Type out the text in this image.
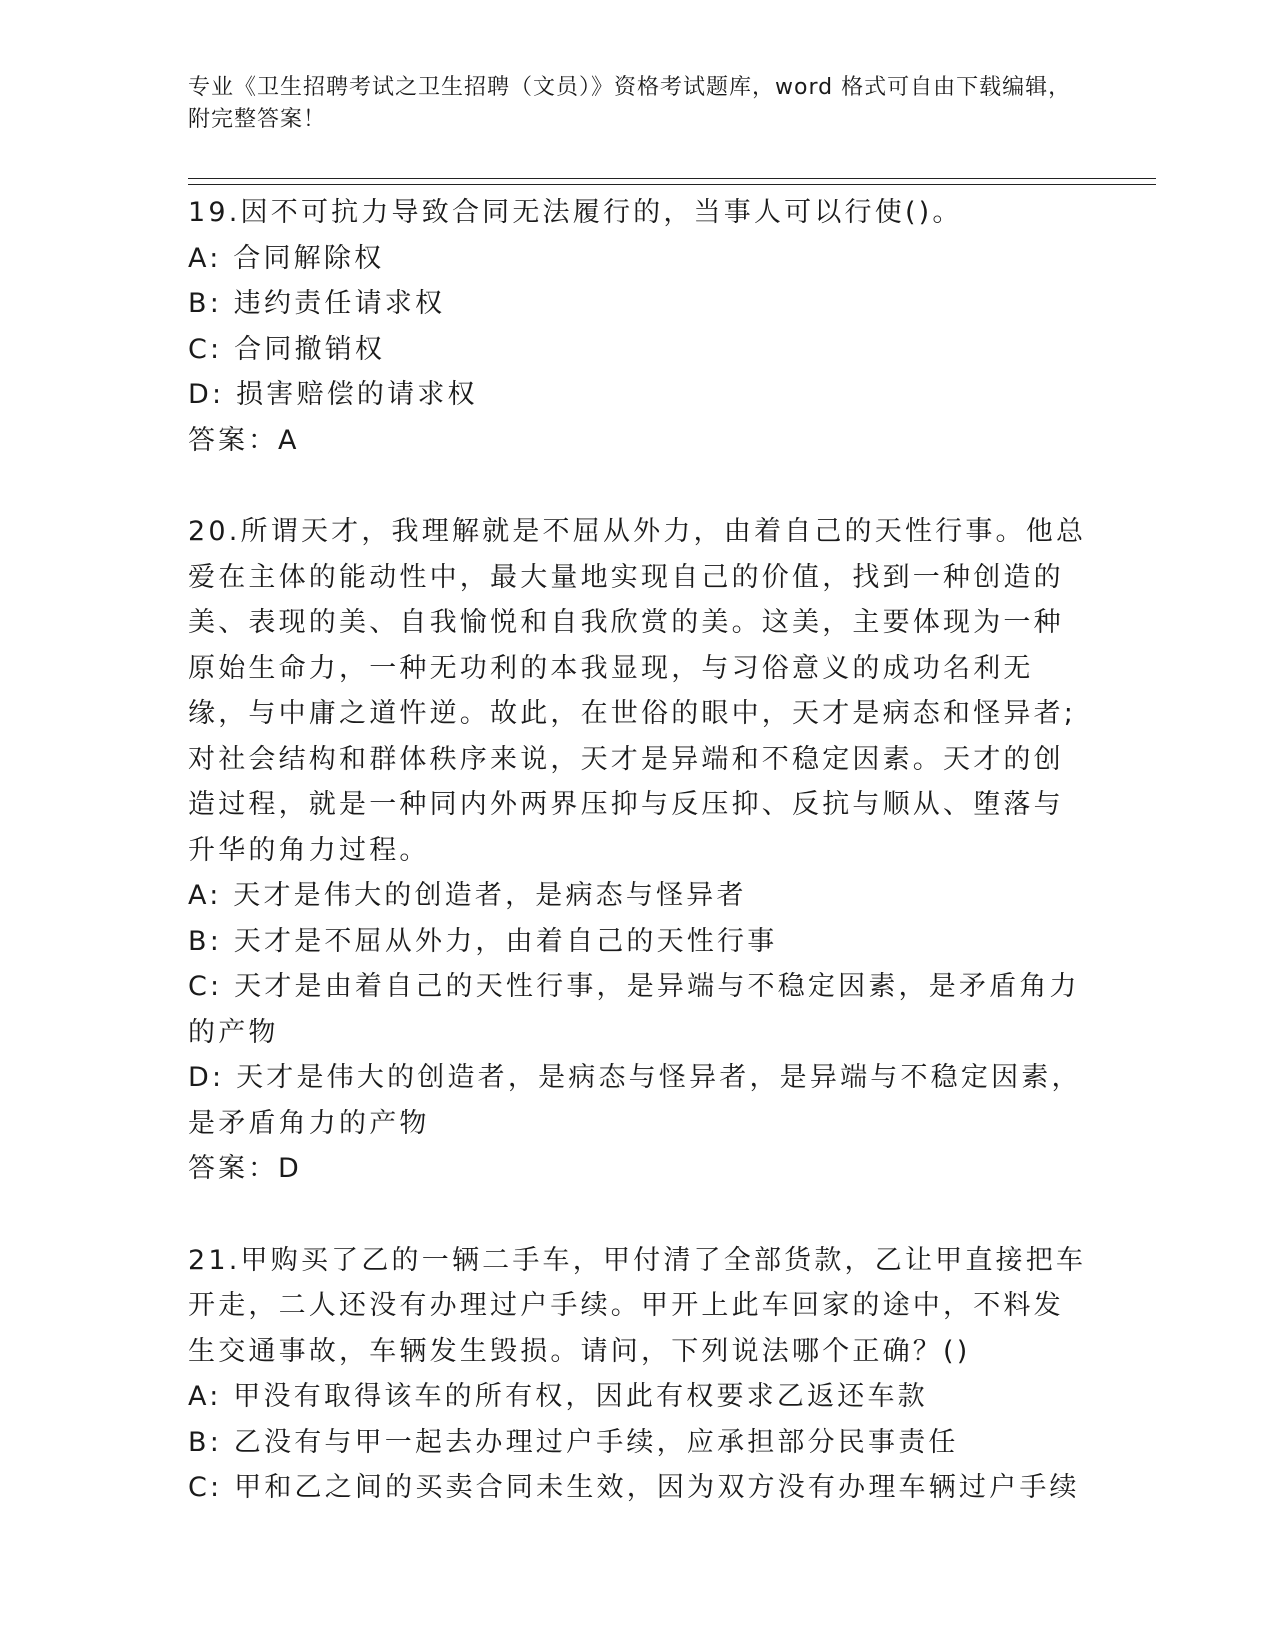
专业《卫生招聘考试之卫生招聘（文员）》资格考试题库，word 格式可自由下载编辑，附完整答案！
19.因不可抗力导致合同无法履行的，当事人可以行使()。
A: 合同解除权
B: 违约责任请求权
C: 合同撤销权
D: 损害赔偿的请求权
答案：A
20.所谓天才，我理解就是不屈从外力，由着自己的天性行事。他总爱在主体的能动性中，最大量地实现自己的价值，找到一种创造的美、表现的美、自我愉悦和自我欣赏的美。这美，主要体现为一种原始生命力，一种无功利的本我显现，与习俗意义的成功名利无缘，与中庸之道忤逆。故此，在世俗的眼中，天才是病态和怪异者;对社会结构和群体秩序来说，天才是异端和不稳定因素。天才的创造过程，就是一种同内外两界压抑与反压抑、反抗与顺从、堕落与升华的角力过程。
A: 天才是伟大的创造者，是病态与怪异者
B: 天才是不屈从外力，由着自己的天性行事
C: 天才是由着自己的天性行事，是异端与不稳定因素，是矛盾角力的产物
D: 天才是伟大的创造者，是病态与怪异者，是异端与不稳定因素，是矛盾角力的产物
答案：D
21.甲购买了乙的一辆二手车，甲付清了全部货款，乙让甲直接把车开走，二人还没有办理过户手续。甲开上此车回家的途中，不料发生交通事故，车辆发生毁损。请问，下列说法哪个正确？()
A: 甲没有取得该车的所有权，因此有权要求乙返还车款
B: 乙没有与甲一起去办理过户手续，应承担部分民事责任
C: 甲和乙之间的买卖合同未生效，因为双方没有办理车辆过户手续
